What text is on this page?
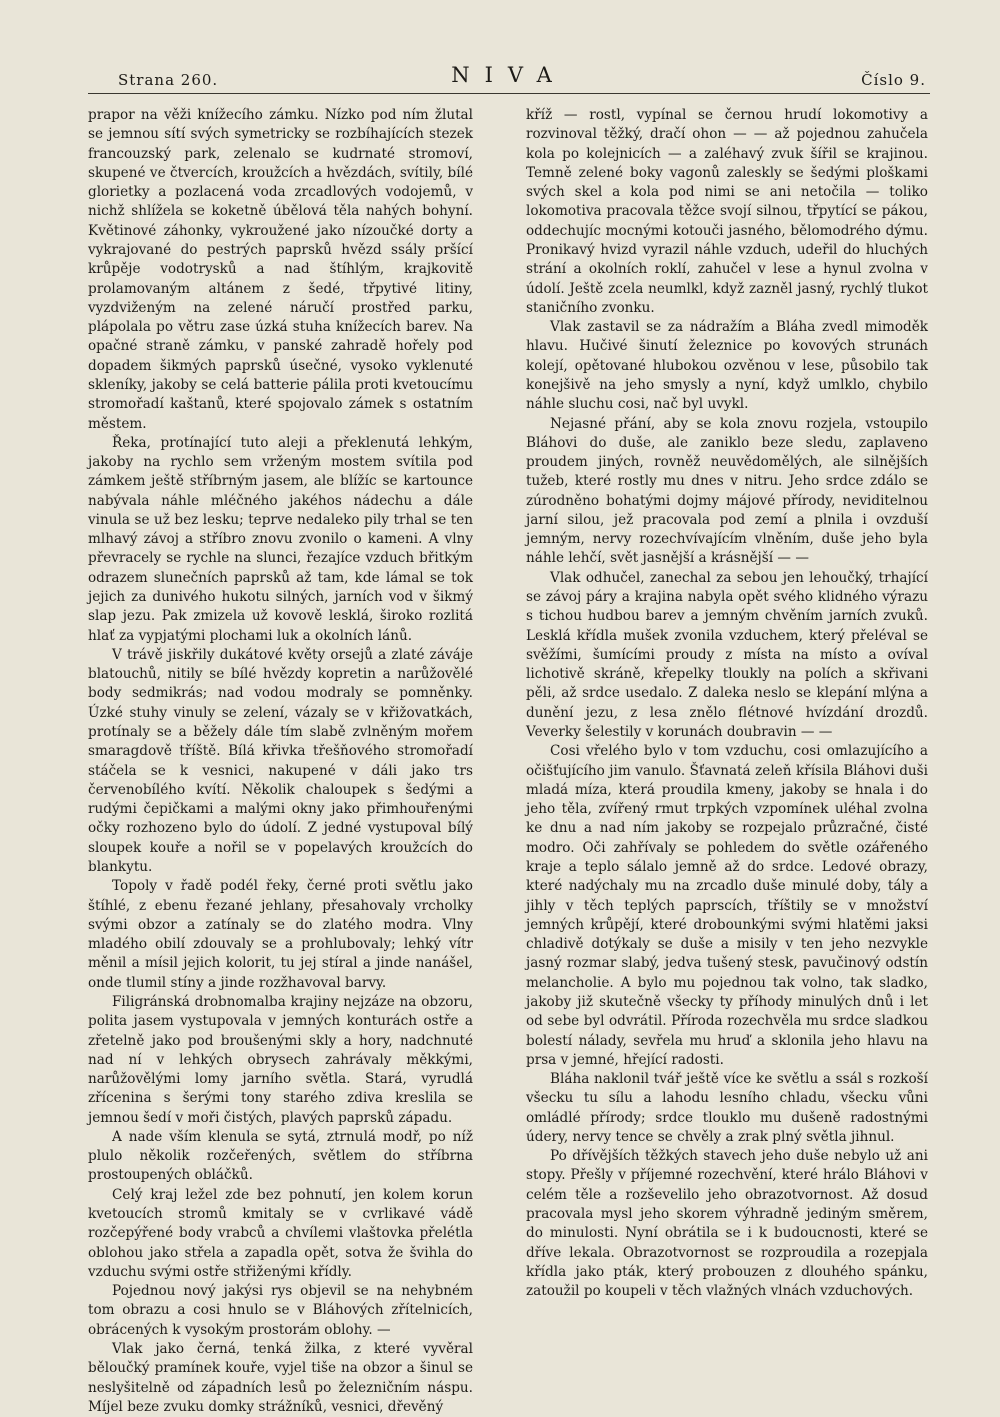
Strana 260.	NIVA	Číslo 9.

prapor na věži knížecího zámku. Nízko pod ním žlutal se jemnou sítí svých symetricky se rozbíhajících stezek francouzský park, zelenalo se kudrnaté stromoví, skupené ve čtvercích, kroužcích a hvězdách, svítily, bílé glorietky a pozlacená voda zrcadlových vodojemů, v nichž shlížela se koketně úbělová těla nahých bohyní. Květinové záhonky, vykroužené jako nízoučké dorty a vykrajované do pestrých paprsků hvězd ssály pršící krůpěje vodotrysků a nad štíhlým, krajkovitě prolamovaným altánem z šedé, třpytivé litiny, vyzdviženým na zelené náručí prostřed parku, plápolala po větru zase úzká stuha knížecích barev. Na opačné straně zámku, v panské zahradě hořely pod dopadem šikmých paprsků úsečné, vysoko vyklenuté skleníky, jakoby se celá batterie pálila proti kvetoucímu stromořadí kaštanů, které spojovalo zámek s ostatním městem.

Řeka, protínající tuto aleji a překlenutá lehkým, jakoby na rychlo sem vrženým mostem svítila pod zámkem ještě stříbrným jasem, ale blížíc se kartounce nabývala náhle mléčného jakéhos nádechu a dále vinula se už bez lesku; teprve nedaleko pily trhal se ten mlhavý závoj a stříbro znovu zvonilo o kameni. A vlny převracely se rychle na slunci, řezajíce vzduch břitkým odrazem slunečních paprsků až tam, kde lámal se tok jejich za dunivého hukotu silných, jarních vod v šikmý slap jezu. Pak zmizela už kovově lesklá, široko rozlitá hlať za vypjatými plochami luk a okolních lánů.

V trávě jiskřily dukátové květy orsejů a zlaté záváje blatouchů, nitily se bílé hvězdy kopretin a narůžovělé body sedmikrás; nad vodou modraly se pomněnky. Úzké stuhy vinuly se zelení, vázaly se v křižovatkách, protínaly se a běžely dále tím slabě zvlněným mořem smaragdově tříště. Bílá křivka třešňového stromořadí stáčela se k vesnici, nakupené v dáli jako trs červenobílého kvítí. Několik chaloupek s šedými a rudými čepičkami a malými okny jako přimhouřenými očky rozhozeno bylo do údolí. Z jedné vystupoval bílý sloupek kouře a nořil se v popelavých kroužcích do blankytu.

Topoly v řadě podél řeky, černé proti světlu jako štíhlé, z ebenu řezané jehlany, přesahovaly vrcholky svými obzor a zatínaly se do zlatého modra. Vlny mladého obilí zdouvaly se a prohlubovaly; lehký vítr měnil a mísil jejich kolorit, tu jej stíral a jinde nanášel, onde tlumil stíny a jinde rozžhavoval barvy.

Filigránská drobnomalba krajiny nejzáze na obzoru, polita jasem vystupovala v jemných konturách ostře a zřetelně jako pod broušenými skly a hory, nadchnuté nad ní v lehkých obrysech zahrávaly měkkými, narůžovělými lomy jarního světla. Stará, vyrudlá zřícenina s šerými tony starého zdiva kreslila se jemnou šedí v moři čistých, plavých paprsků západu.

A nade vším klenula se sytá, ztrnulá modř, po níž plulo několik rozčeřených, světlem do stříbrna prostoupených obláčků.

Celý kraj ležel zde bez pohnutí, jen kolem korun kvetoucích stromů kmitaly se v cvrlikavé vádě rozčepýřené body vrabců a chvílemi vlaštovka přelétla oblohou jako střela a zapadla opět, sotva že švihla do vzduchu svými ostře střiženými křídly.

Pojednou nový jakýsi rys objevil se na nehybném tom obrazu a cosi hnulo se v Bláhových zřítelnicích, obrácených k vysokým prostorám oblohy. —

Vlak jako černá, tenká žilka, z které vyvěral běloučký pramínek kouře, vyjel tiše na obzor a šinul se neslyšitelně od západních lesů po železničním náspu. Míjel beze zvuku domky strážníků, vesnici, dřevěný

kříž — rostl, vypínal se černou hrudí lokomotivy a rozvinoval těžký, dračí ohon — — až pojednou zahučela kola po kolejnicích — a zaléhavý zvuk šířil se krajinou. Temně zelené boky vagonů zaleskly se šedými ploškami svých skel a kola pod nimi se ani netočila — toliko lokomotiva pracovala těžce svojí silnou, třpytící se pákou, oddechujíc mocnými kotouči jasného, bělomodrého dýmu. Pronikavý hvizd vyrazil náhle vzduch, udeřil do hluchých strání a okolních roklí, zahučel v lese a hynul zvolna v údolí. Ještě zcela neumlkl, když zazněl jasný, rychlý tlukot staničního zvonku.

Vlak zastavil se za nádražím a Bláha zvedl mimoděk hlavu. Hučivé šinutí železnice po kovových strunách kolejí, opětované hlubokou ozvěnou v lese, působilo tak konejšivě na jeho smysly a nyní, když umlklo, chybilo náhle sluchu cosi, nač byl uvykl.

Nejasné přání, aby se kola znovu rozjela, vstoupilo Bláhovi do duše, ale zaniklo beze sledu, zaplaveno proudem jiných, rovněž neuvědomělých, ale silnějších tužeb, které rostly mu dnes v nitru. Jeho srdce zdálo se zúrodněno bohatými dojmy májové přírody, neviditelnou jarní silou, jež pracovala pod zemí a plnila i ovzduší jemným, nervy rozechvívajícím vlněním, duše jeho byla náhle lehčí, svět jasnější a krásnější — —

Vlak odhučel, zanechal za sebou jen lehoučký, trhající se závoj páry a krajina nabyla opět svého klidného výrazu s tichou hudbou barev a jemným chvěním jarních zvuků. Lesklá křídla mušek zvonila vzduchem, který přeléval se svěžími, šumícími proudy z místa na místo a ovíval lichotivě skráně, křepelky tloukly na polích a skřivani pěli, až srdce usedalo. Z daleka neslo se klepání mlýna a dunění jezu, z lesa znělo flétnové hvízdání drozdů. Veverky šelestily v korunách doubravin — —

Cosi vřelého bylo v tom vzduchu, cosi omlazujícího a očišťujícího jim vanulo. Šťavnatá zeleň křísila Bláhovi duši mladá míza, která proudila kmeny, jakoby se hnala i do jeho těla, zvířený rmut trpkých vzpomínek uléhal zvolna ke dnu a nad ním jakoby se rozpejalo průzračné, čisté modro. Oči zahřívaly se pohledem do světle ozářeného kraje a teplo sálalo jemně až do srdce. Ledové obrazy, které nadýchaly mu na zrcadlo duše minulé doby, tály a jihly v těch teplých paprscích, tříštily se v množství jemných krůpějí, které drobounkými svými hlatěmi jaksi chladivě dotýkaly se duše a misily v ten jeho nezvykle jasný rozmar slabý, jedva tušený stesk, pavučinový odstín melancholie. A bylo mu pojednou tak volno, tak sladko, jakoby již skutečně všecky ty příhody minulých dnů i let od sebe byl odvrátil. Příroda rozechvěla mu srdce sladkou bolestí nálady, sevřela mu hruď a sklonila jeho hlavu na prsa v jemné, hřející radosti.

Bláha naklonil tvář ještě více ke světlu a ssál s rozkoší všecku tu sílu a lahodu lesního chladu, všecku vůni omládlé přírody; srdce tlouklo mu dušeně radostnými údery, nervy tence se chvěly a zrak plný světla jihnul.

Po dřívějších těžkých stavech jeho duše nebylo už ani stopy. Přešly v příjemné rozechvění, které hrálo Bláhovi v celém těle a rozševelilo jeho obrazotvornost. Až dosud pracovala mysl jeho skorem výhradně jediným směrem, do minulosti. Nyní obrátila se i k budoucnosti, které se dříve lekala. Obrazotvornost se rozproudila a rozepjala křídla jako pták, který probouzen z dlouhého spánku, zatoužil po koupeli v těch vlažných vlnách vzduchových.
